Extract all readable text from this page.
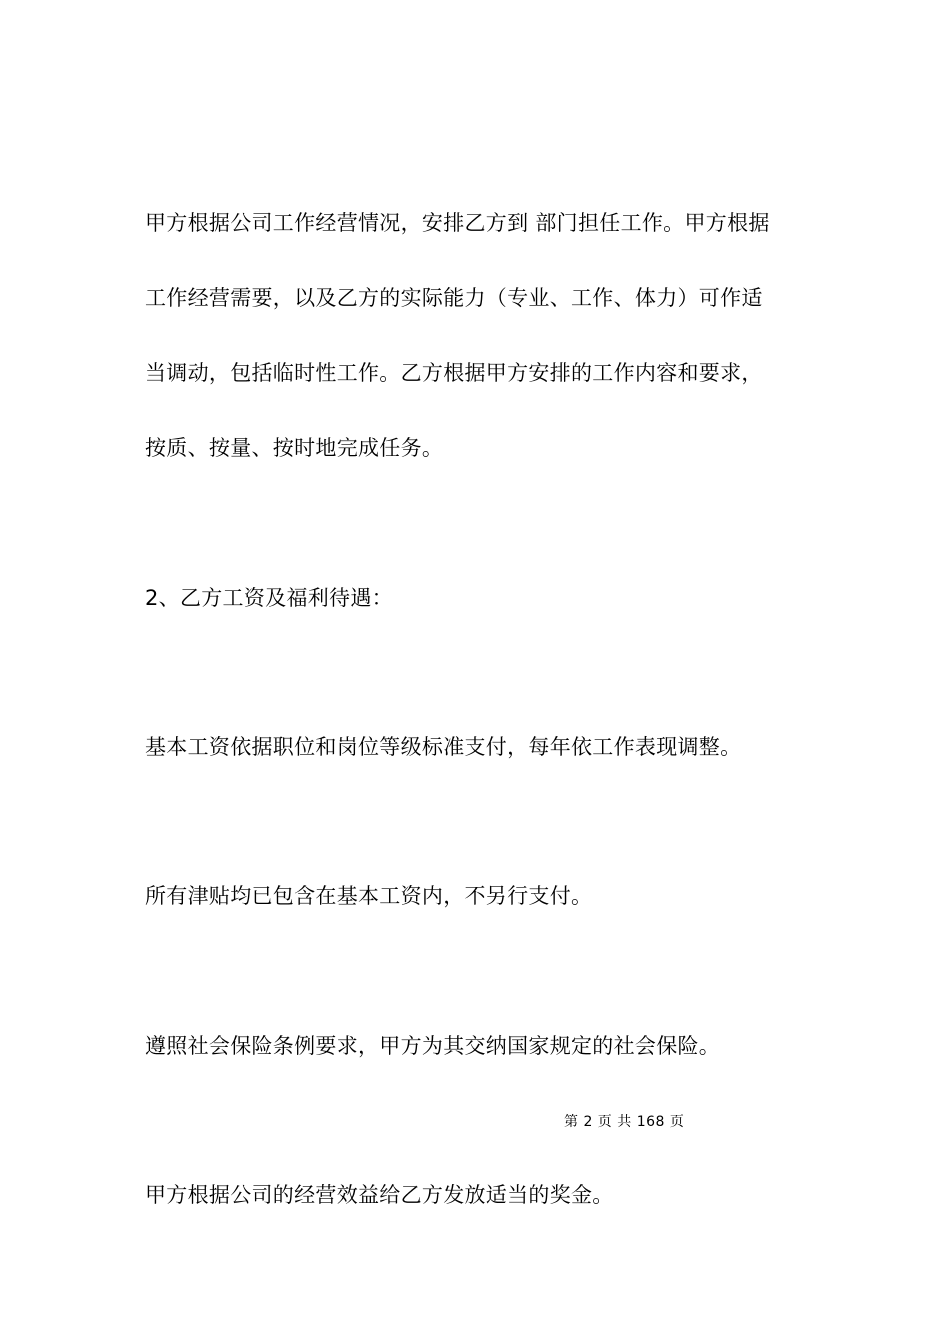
甲方根据公司工作经营情况，安排乙方到 部门担任工作。甲方根据

工作经营需要，以及乙方的实际能力（专业、工作、体力）可作适

当调动，包括临时性工作。乙方根据甲方安排的工作内容和要求，

按质、按量、按时地完成任务。

2、乙方工资及福利待遇：

基本工资依据职位和岗位等级标准支付，每年依工作表现调整。

所有津贴均已包含在基本工资内，不另行支付。

遵照社会保险条例要求，甲方为其交纳国家规定的社会保险。

第 2 页 共 168 页

甲方根据公司的经营效益给乙方发放适当的奖金。
